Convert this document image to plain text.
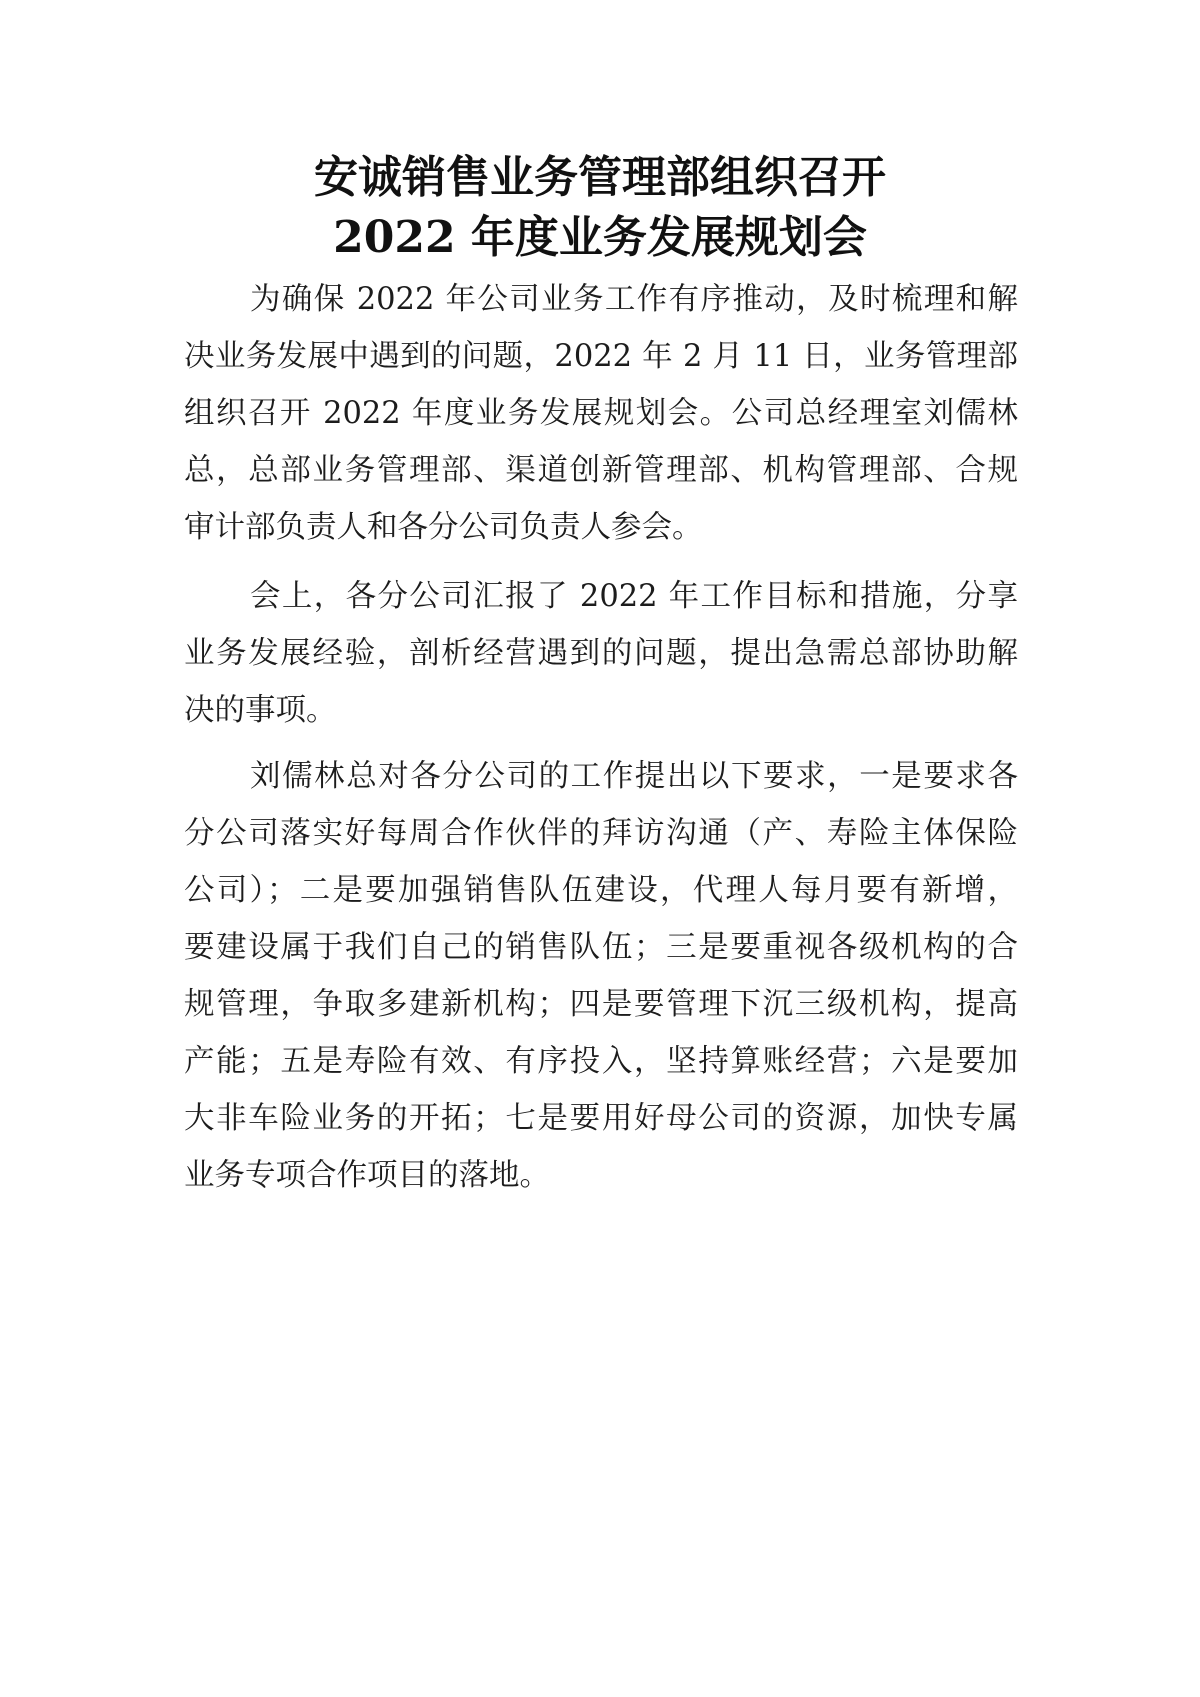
安诚销售业务管理部组织召开
2022 年度业务发展规划会
为确保 2022 年公司业务工作有序推动，及时梳理和解
决业务发展中遇到的问题，2022 年 2 月 11 日，业务管理部
组织召开 2022 年度业务发展规划会。公司总经理室刘儒林
总，总部业务管理部、渠道创新管理部、机构管理部、合规
审计部负责人和各分公司负责人参会。
会上，各分公司汇报了 2022 年工作目标和措施，分享
业务发展经验，剖析经营遇到的问题，提出急需总部协助解
决的事项。
刘儒林总对各分公司的工作提出以下要求，一是要求各
分公司落实好每周合作伙伴的拜访沟通（产、寿险主体保险
公司）；二是要加强销售队伍建设，代理人每月要有新增，
要建设属于我们自己的销售队伍；三是要重视各级机构的合
规管理，争取多建新机构；四是要管理下沉三级机构，提高
产能；五是寿险有效、有序投入，坚持算账经营；六是要加
大非车险业务的开拓；七是要用好母公司的资源，加快专属
业务专项合作项目的落地。
